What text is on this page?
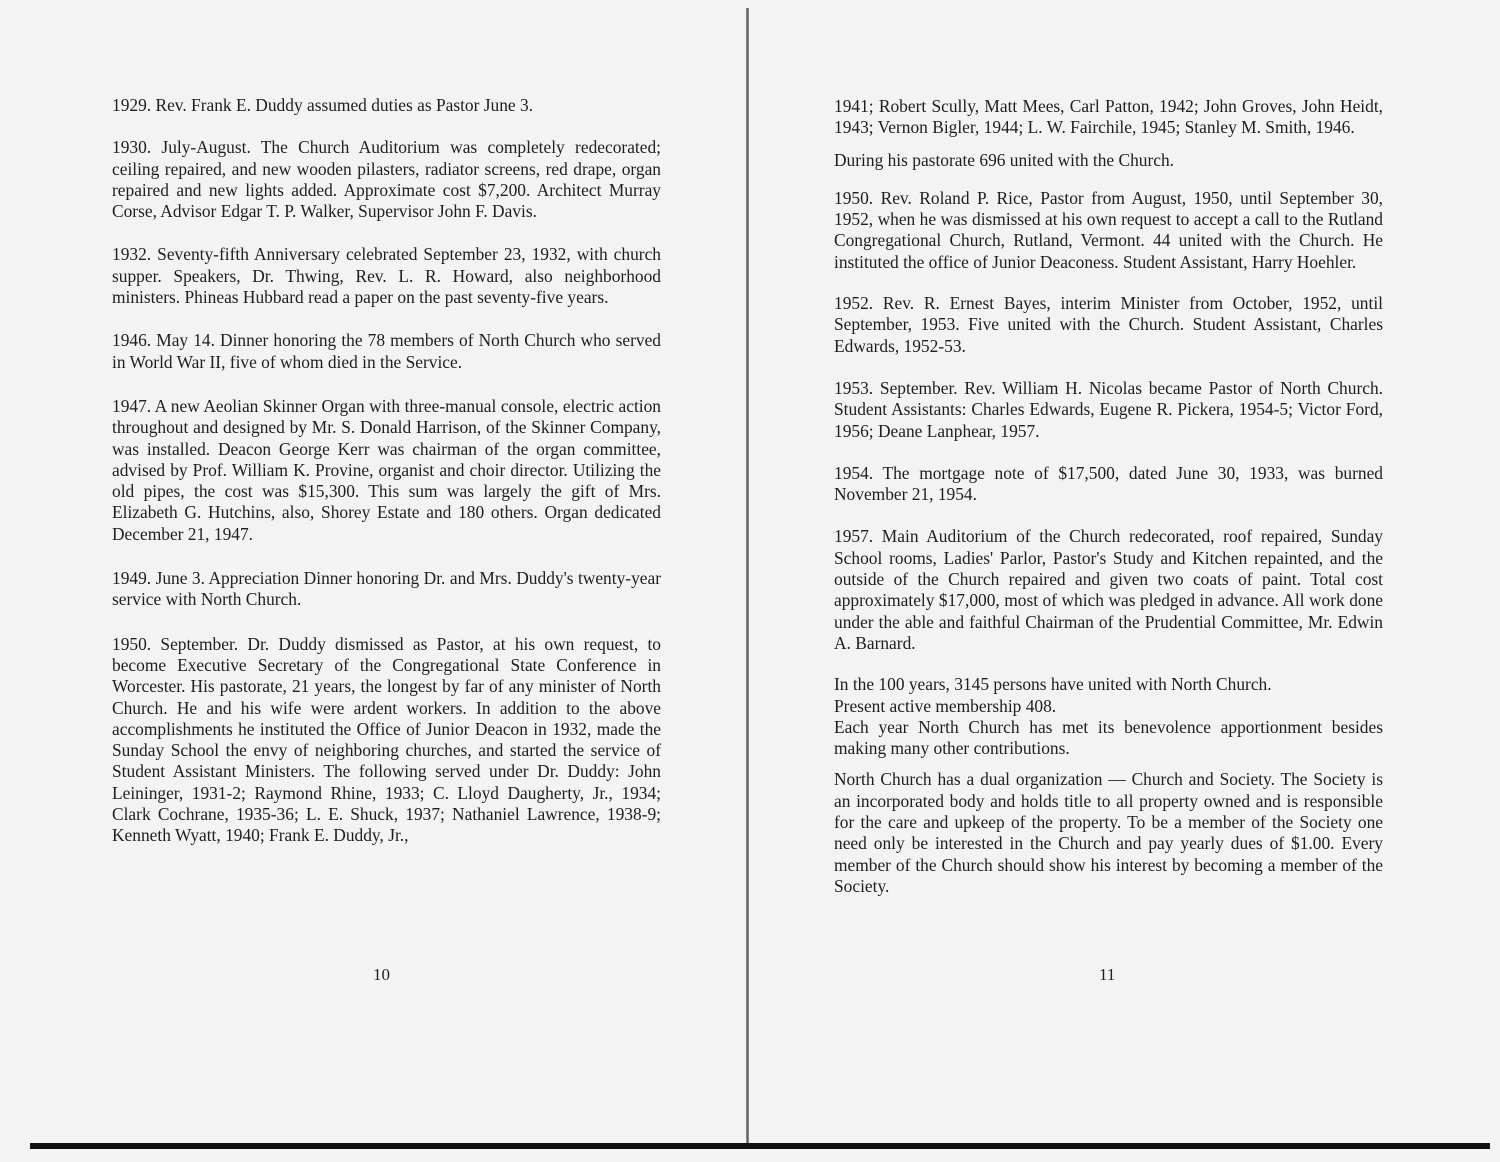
1929. Rev. Frank E. Duddy assumed duties as Pastor June 3.

1930. July-August. The Church Auditorium was completely redecorated; ceiling repaired, and new wooden pilasters, radiator screens, red drape, organ repaired and new lights added. Approximate cost $7,200. Architect Murray Corse, Advisor Edgar T. P. Walker, Supervisor John F. Davis.

1932. Seventy-fifth Anniversary celebrated September 23, 1932, with church supper. Speakers, Dr. Thwing, Rev. L. R. Howard, also neighborhood ministers. Phineas Hubbard read a paper on the past seventy-five years.

1946. May 14. Dinner honoring the 78 members of North Church who served in World War II, five of whom died in the Service.

1947. A new Aeolian Skinner Organ with three-manual console, electric action throughout and designed by Mr. S. Donald Harrison, of the Skinner Company, was installed. Deacon George Kerr was chairman of the organ committee, advised by Prof. William K. Provine, organist and choir director. Utilizing the old pipes, the cost was $15,300. This sum was largely the gift of Mrs. Elizabeth G. Hutchins, also, Shorey Estate and 180 others. Organ dedicated December 21, 1947.

1949. June 3. Appreciation Dinner honoring Dr. and Mrs. Duddy's twenty-year service with North Church.

1950. September. Dr. Duddy dismissed as Pastor, at his own request, to become Executive Secretary of the Congregational State Conference in Worcester. His pastorate, 21 years, the longest by far of any minister of North Church. He and his wife were ardent workers. In addition to the above accomplishments he instituted the Office of Junior Deacon in 1932, made the Sunday School the envy of neighboring churches, and started the service of Student Assistant Ministers. The following served under Dr. Duddy: John Leininger, 1931-2; Raymond Rhine, 1933; C. Lloyd Daugherty, Jr., 1934; Clark Cochrane, 1935-36; L. E. Shuck, 1937; Nathaniel Lawrence, 1938-9; Kenneth Wyatt, 1940; Frank E. Duddy, Jr.,

10

1941; Robert Scully, Matt Mees, Carl Patton, 1942; John Groves, John Heidt, 1943; Vernon Bigler, 1944; L. W. Fairchile, 1945; Stanley M. Smith, 1946.

During his pastorate 696 united with the Church.

1950. Rev. Roland P. Rice, Pastor from August, 1950, until September 30, 1952, when he was dismissed at his own request to accept a call to the Rutland Congregational Church, Rutland, Vermont. 44 united with the Church. He instituted the office of Junior Deaconess. Student Assistant, Harry Hoehler.

1952. Rev. R. Ernest Bayes, interim Minister from October, 1952, until September, 1953. Five united with the Church. Student Assistant, Charles Edwards, 1952-53.

1953. September. Rev. William H. Nicolas became Pastor of North Church. Student Assistants: Charles Edwards, Eugene R. Pickera, 1954-5; Victor Ford, 1956; Deane Lanphear, 1957.

1954. The mortgage note of $17,500, dated June 30, 1933, was burned November 21, 1954.

1957. Main Auditorium of the Church redecorated, roof repaired, Sunday School rooms, Ladies' Parlor, Pastor's Study and Kitchen repainted, and the outside of the Church repaired and given two coats of paint. Total cost approximately $17,000, most of which was pledged in advance. All work done under the able and faithful Chairman of the Prudential Committee, Mr. Edwin A. Barnard.

In the 100 years, 3145 persons have united with North Church.

Present active membership 408.

Each year North Church has met its benevolence apportionment besides making many other contributions.

North Church has a dual organization — Church and Society. The Society is an incorporated body and holds title to all property owned and is responsible for the care and upkeep of the property. To be a member of the Society one need only be interested in the Church and pay yearly dues of $1.00. Every member of the Church should show his interest by becoming a member of the Society.

11
